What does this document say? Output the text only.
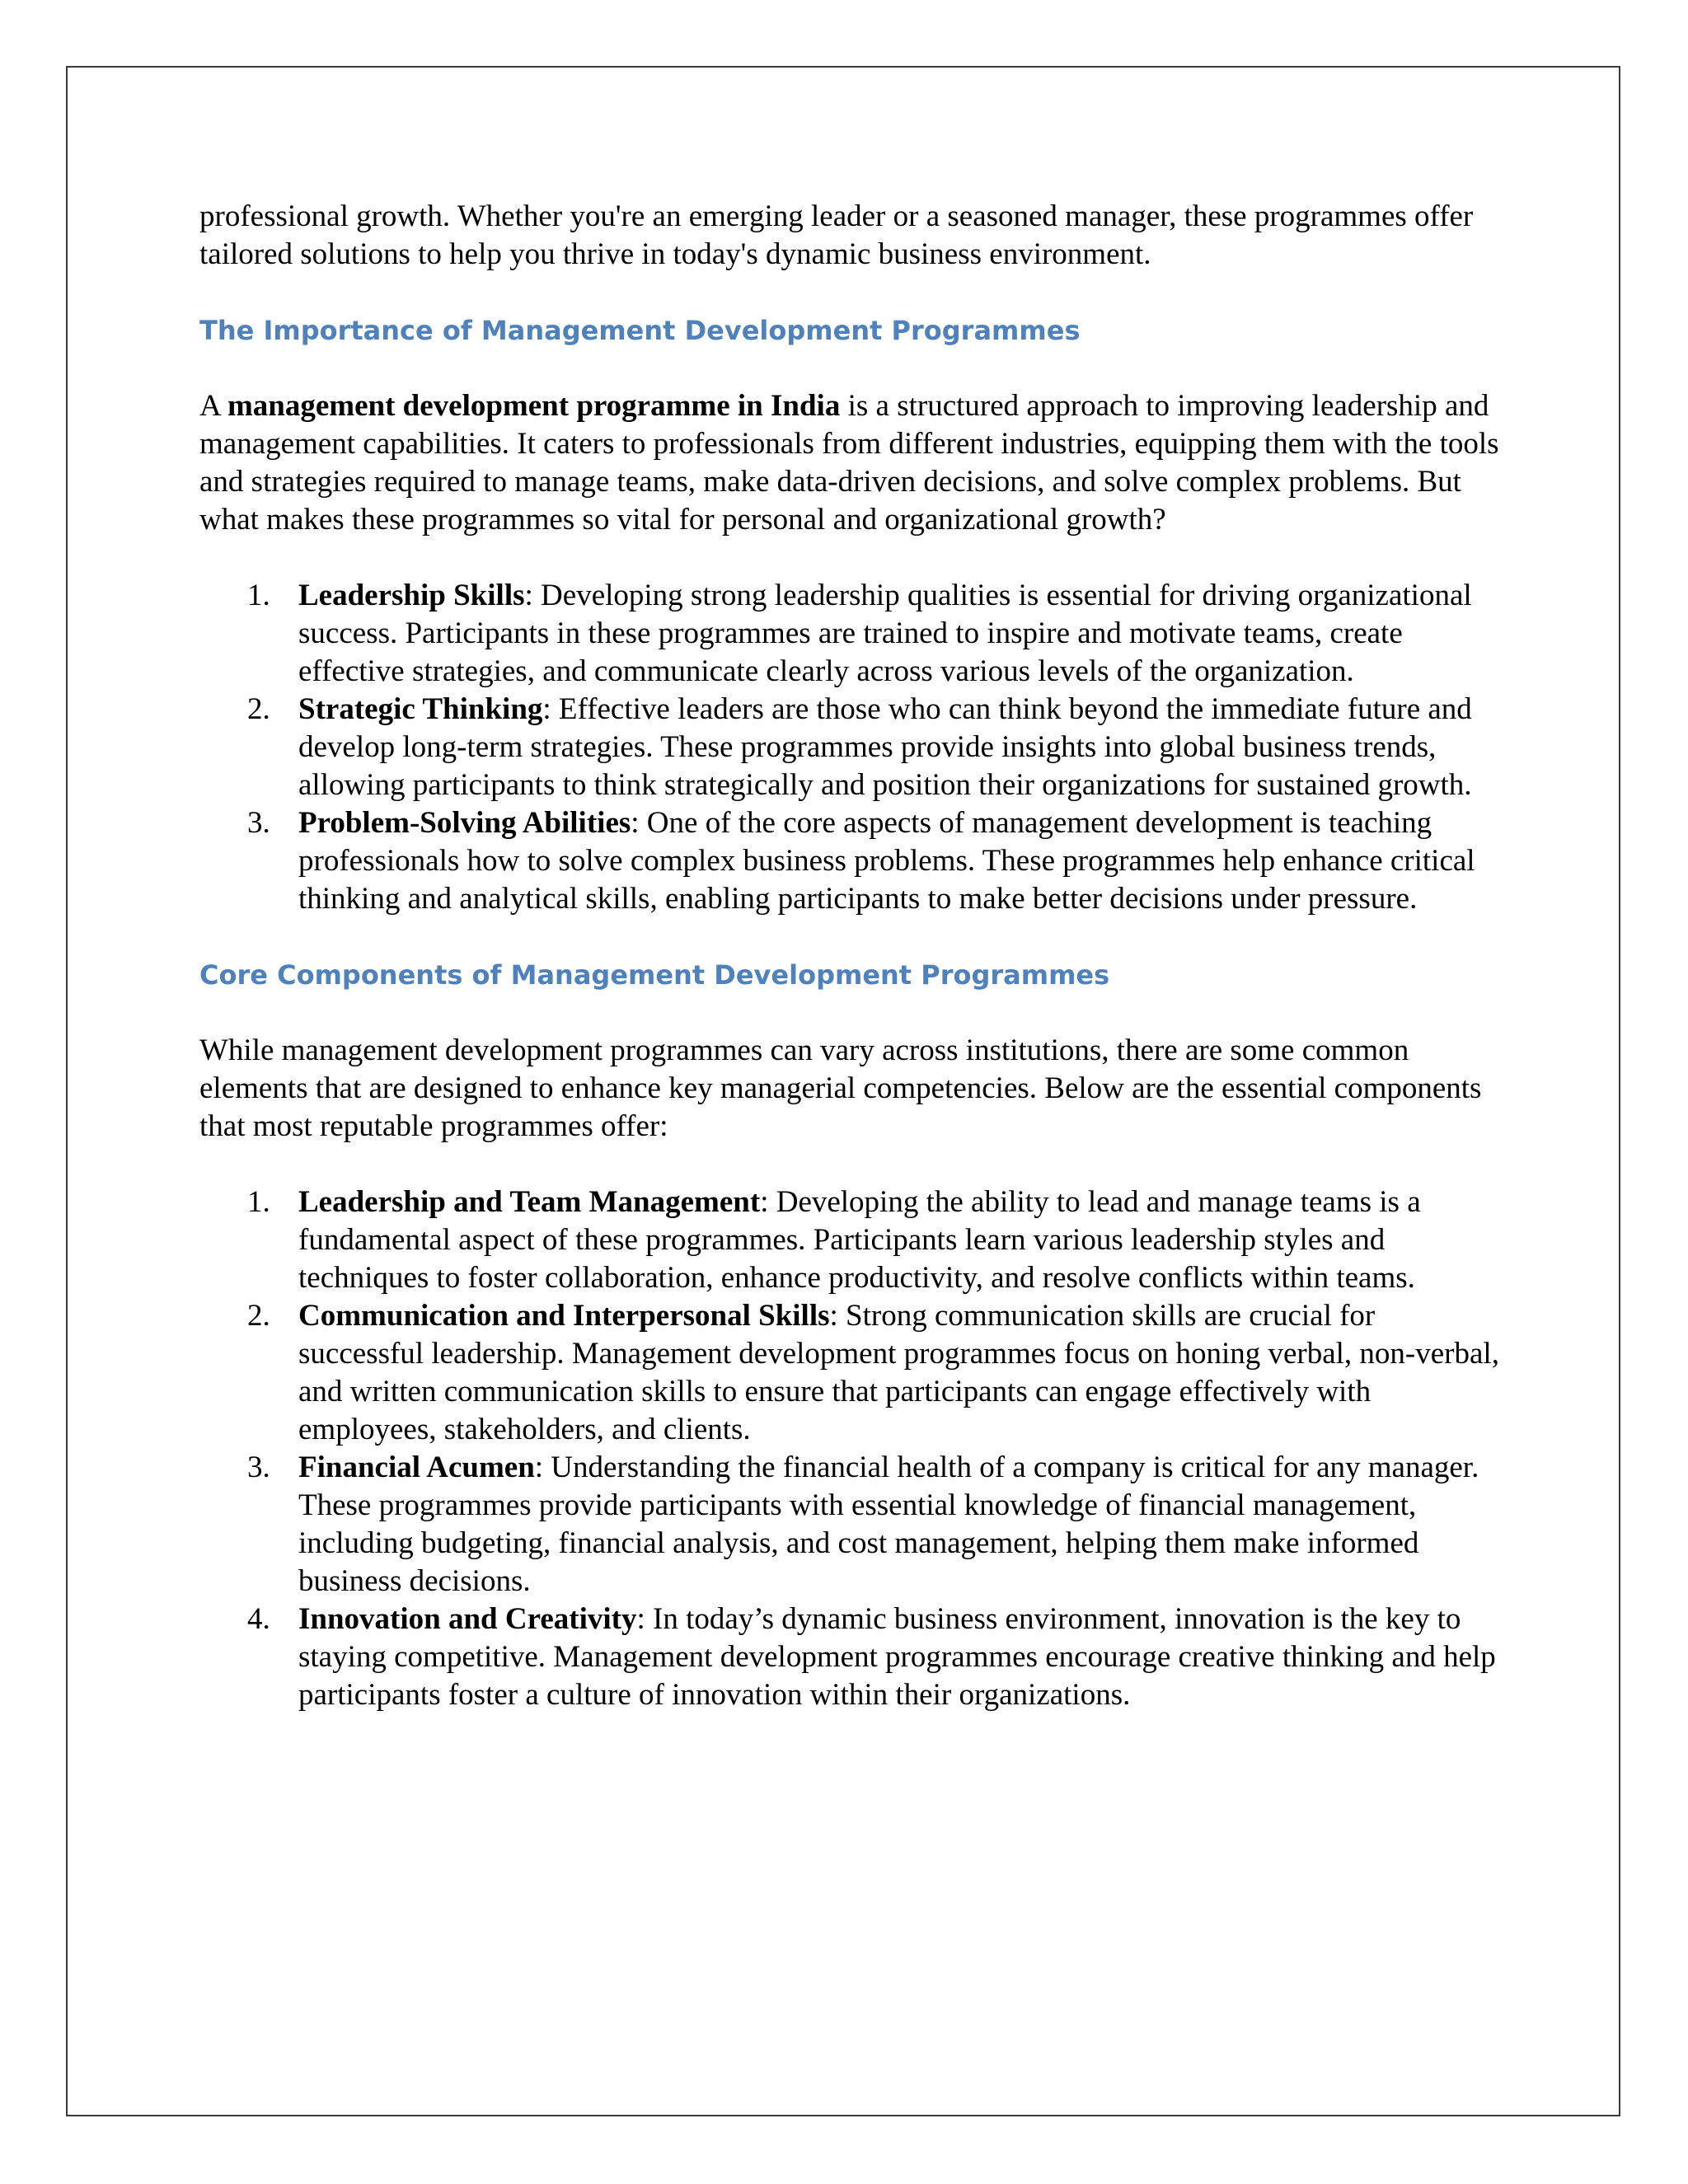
professional growth. Whether you're an emerging leader or a seasoned manager, these programmes offer tailored solutions to help you thrive in today's dynamic business environment.

The Importance of Management Development Programmes

A management development programme in India is a structured approach to improving leadership and management capabilities. It caters to professionals from different industries, equipping them with the tools and strategies required to manage teams, make data-driven decisions, and solve complex problems. But what makes these programmes so vital for personal and organizational growth?

1. Leadership Skills: Developing strong leadership qualities is essential for driving organizational success. Participants in these programmes are trained to inspire and motivate teams, create effective strategies, and communicate clearly across various levels of the organization.
2. Strategic Thinking: Effective leaders are those who can think beyond the immediate future and develop long-term strategies. These programmes provide insights into global business trends, allowing participants to think strategically and position their organizations for sustained growth.
3. Problem-Solving Abilities: One of the core aspects of management development is teaching professionals how to solve complex business problems. These programmes help enhance critical thinking and analytical skills, enabling participants to make better decisions under pressure.
Core Components of Management Development Programmes

While management development programmes can vary across institutions, there are some common elements that are designed to enhance key managerial competencies. Below are the essential components that most reputable programmes offer:

1. Leadership and Team Management: Developing the ability to lead and manage teams is a fundamental aspect of these programmes. Participants learn various leadership styles and techniques to foster collaboration, enhance productivity, and resolve conflicts within teams.
2. Communication and Interpersonal Skills: Strong communication skills are crucial for successful leadership. Management development programmes focus on honing verbal, non-verbal, and written communication skills to ensure that participants can engage effectively with employees, stakeholders, and clients.
3. Financial Acumen: Understanding the financial health of a company is critical for any manager. These programmes provide participants with essential knowledge of financial management, including budgeting, financial analysis, and cost management, helping them make informed business decisions.
4. Innovation and Creativity: In today’s dynamic business environment, innovation is the key to staying competitive. Management development programmes encourage creative thinking and help participants foster a culture of innovation within their organizations.
